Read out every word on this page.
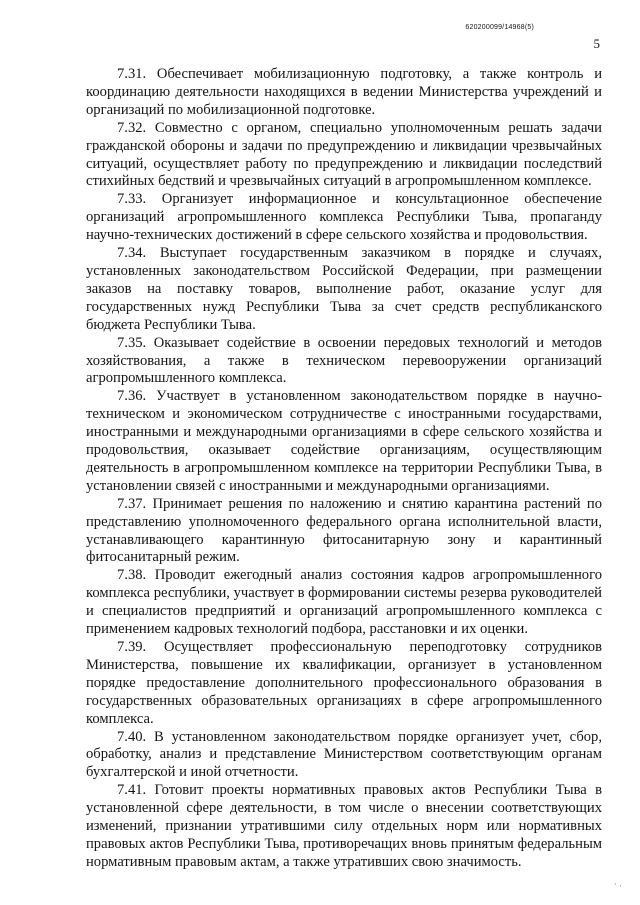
620200099/14968(5)
5

7.31. Обеспечивает мобилизационную подготовку, а также контроль и координацию деятельности находящихся в ведении Министерства учреждений и организаций по мобилизационной подготовке.

7.32. Совместно с органом, специально уполномоченным решать задачи гражданской обороны и задачи по предупреждению и ликвидации чрезвычайных ситуаций, осуществляет работу по предупреждению и ликвидации последствий стихийных бедствий и чрезвычайных ситуаций в агропромышленном комплексе.

7.33. Организует информационное и консультационное обеспечение организаций агропромышленного комплекса Республики Тыва, пропаганду научно-технических достижений в сфере сельского хозяйства и продовольствия.

7.34. Выступает государственным заказчиком в порядке и случаях, установленных законодательством Российской Федерации, при размещении заказов на поставку товаров, выполнение работ, оказание услуг для государственных нужд Республики Тыва за счет средств республиканского бюджета Республики Тыва.

7.35. Оказывает содействие в освоении передовых технологий и методов хозяйствования, а также в техническом перевооружении организаций агропромышленного комплекса.

7.36. Участвует в установленном законодательством порядке в научно-техническом и экономическом сотрудничестве с иностранными государствами, иностранными и международными организациями в сфере сельского хозяйства и продовольствия, оказывает содействие организациям, осуществляющим деятельность в агропромышленном комплексе на территории Республики Тыва, в установлении связей с иностранными и международными организациями.

7.37. Принимает решения по наложению и снятию карантина растений по представлению уполномоченного федерального органа исполнительной власти, устанавливающего карантинную фитосанитарную зону и карантинный фитосанитарный режим.

7.38. Проводит ежегодный анализ состояния кадров агропромышленного комплекса республики, участвует в формировании системы резерва руководителей и специалистов предприятий и организаций агропромышленного комплекса с применением кадровых технологий подбора, расстановки и их оценки.

7.39. Осуществляет профессиональную переподготовку сотрудников Министерства, повышение их квалификации, организует в установленном порядке предоставление дополнительного профессионального образования в государственных образовательных организациях в сфере агропромышленного комплекса.

7.40. В установленном законодательством порядке организует учет, сбор, обработку, анализ и представление Министерством соответствующим органам бухгалтерской и иной отчетности.

7.41. Готовит проекты нормативных правовых актов Республики Тыва в установленной сфере деятельности, в том числе о внесении соответствующих изменений, признании утратившими силу отдельных норм или нормативных правовых актов Республики Тыва, противоречащих вновь принятым федеральным нормативным правовым актам, а также утративших свою значимость.

⠁⠂
